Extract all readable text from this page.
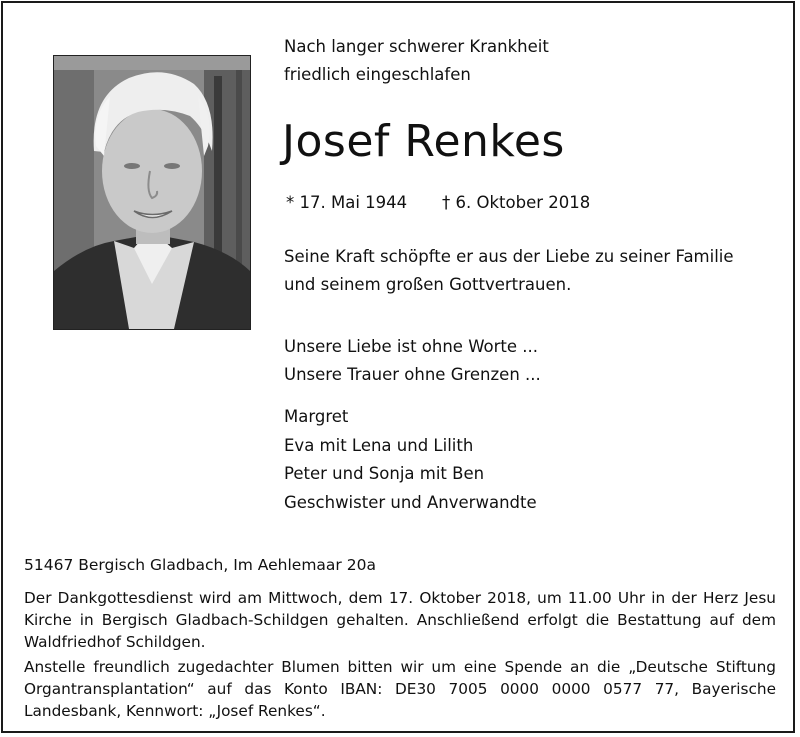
Nach langer schwerer Krankheit
friedlich eingeschlafen
Josef Renkes
* 17. Mai 1944 † 6. Oktober 2018
Seine Kraft schöpfte er aus der Liebe zu seiner Familie
und seinem großen Gottvertrauen.
Unsere Liebe ist ohne Worte ...
Unsere Trauer ohne Grenzen ...
Margret
Eva mit Lena und Lilith
Peter und Sonja mit Ben
Geschwister und Anverwandte
51467 Bergisch Gladbach, Im Aehlemaar 20a
Der Dankgottesdienst wird am Mittwoch, dem 17. Oktober 2018, um 11.00 Uhr in der Herz Jesu Kirche in Bergisch Gladbach-Schildgen gehalten. Anschließend erfolgt die Bestattung auf dem Waldfriedhof Schildgen.
Anstelle freundlich zugedachter Blumen bitten wir um eine Spende an die „Deutsche Stiftung Organtransplantation“ auf das Konto IBAN: DE30 7005 0000 0000 0577 77, Bayerische Landesbank, Kennwort: „Josef Renkes“.
